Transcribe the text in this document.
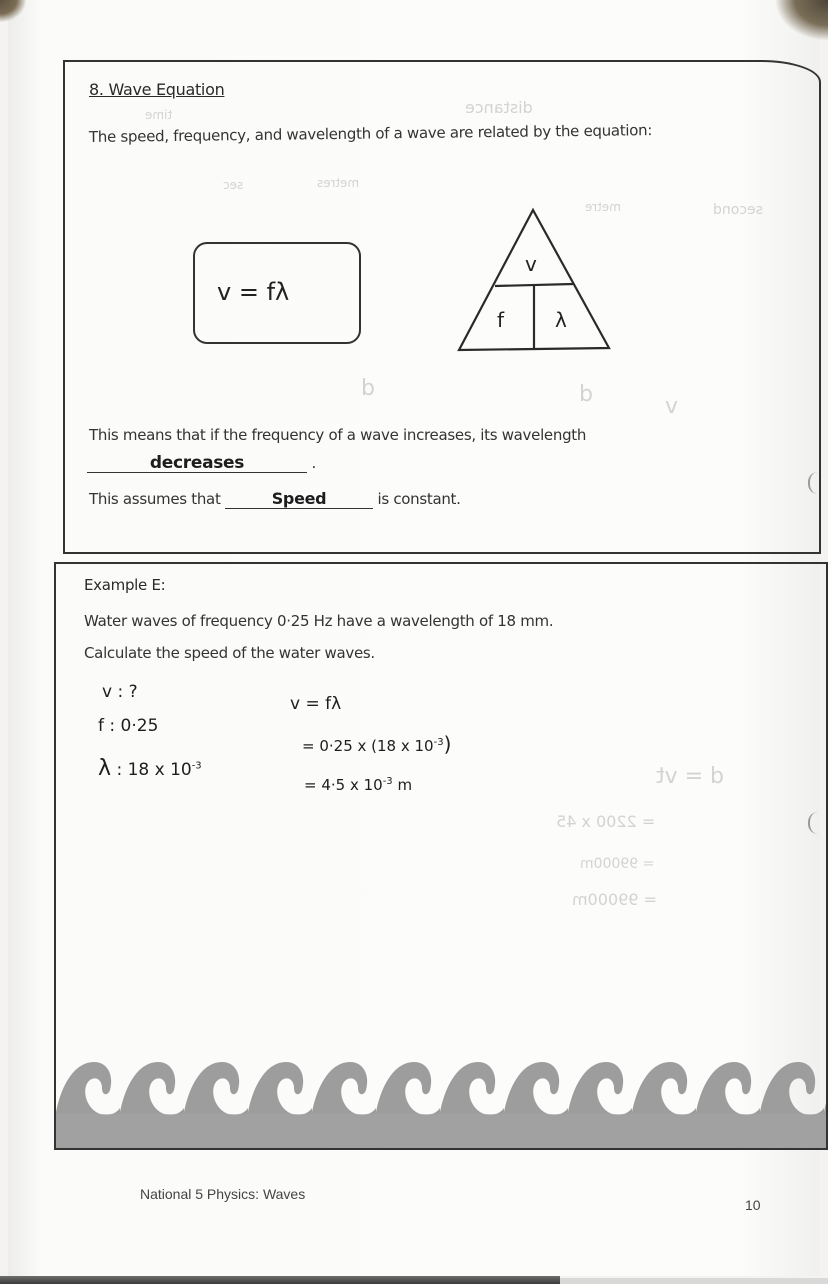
8. Wave Equation
The speed, frequency, and wavelength of a wave are related by the equation:
distance
time
metres
sec
metre	second
d	d	v
v = fλ
v
f	λ
This means that if the frequency of a wave increases, its wavelength
decreases	.
This assumes that	Speed	is constant.
Example E:
Water waves of frequency 0·25 Hz have a wavelength of 18 mm.
Calculate the speed of the water waves.
v : ?
f : 0·25
λ : 18 x $10^{-3}$
v = fλ
= 0·25 x (18 x $10^{-3}$)
= 4·5 x $10^{-3}$ m	d = vt
= 2200 x 45
= 99000m
= 99000m
National 5 Physics: Waves
10
